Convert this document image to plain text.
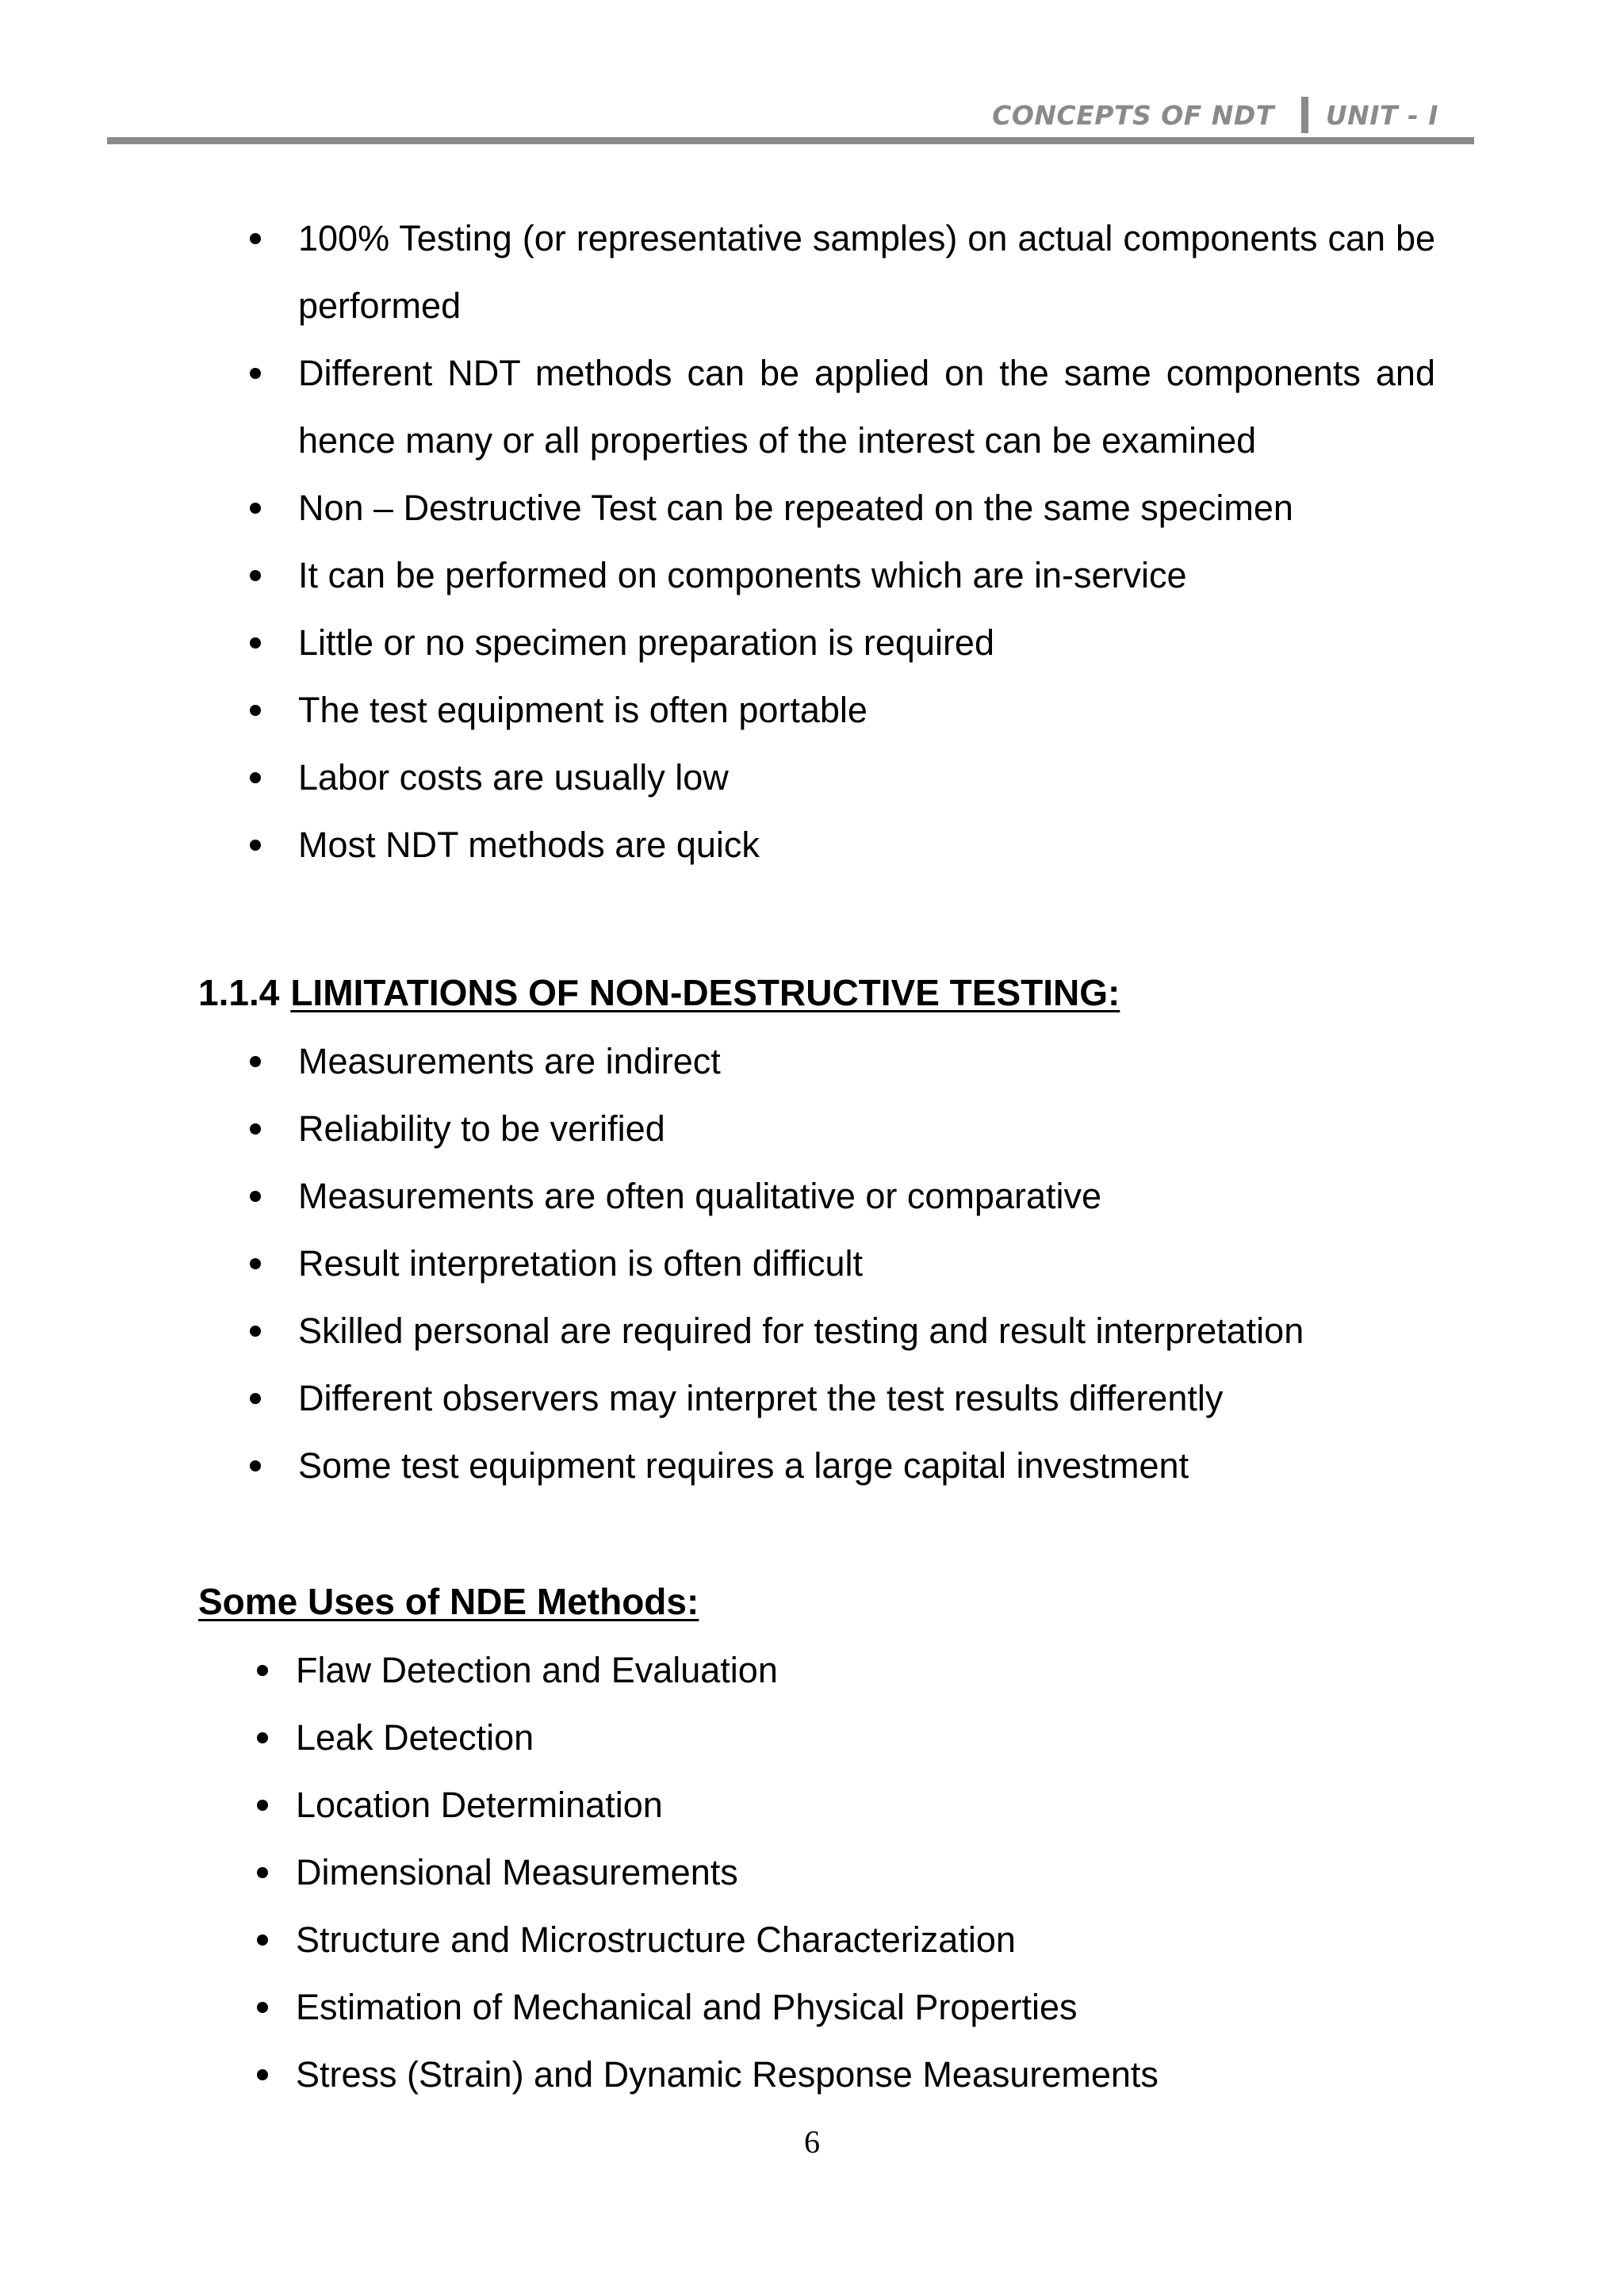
CONCEPTS OF NDT UNIT - I
100% Testing (or representative samples) on actual components can be performed
Different NDT methods can be applied on the same components and hence many or all properties of the interest can be examined
Non – Destructive Test can be repeated on the same specimen
It can be performed on components which are in-service
Little or no specimen preparation is required
The test equipment is often portable
Labor costs are usually low
Most NDT methods are quick
1.1.4 LIMITATIONS OF NON-DESTRUCTIVE TESTING:
Measurements are indirect
Reliability to be verified
Measurements are often qualitative or comparative
Result interpretation is often difficult
Skilled personal are required for testing and result interpretation
Different observers may interpret the test results differently
Some test equipment requires a large capital investment
Some Uses of NDE Methods:
Flaw Detection and Evaluation
Leak Detection
Location Determination
Dimensional Measurements
Structure and Microstructure Characterization
Estimation of Mechanical and Physical Properties
Stress (Strain) and Dynamic Response Measurements
6
